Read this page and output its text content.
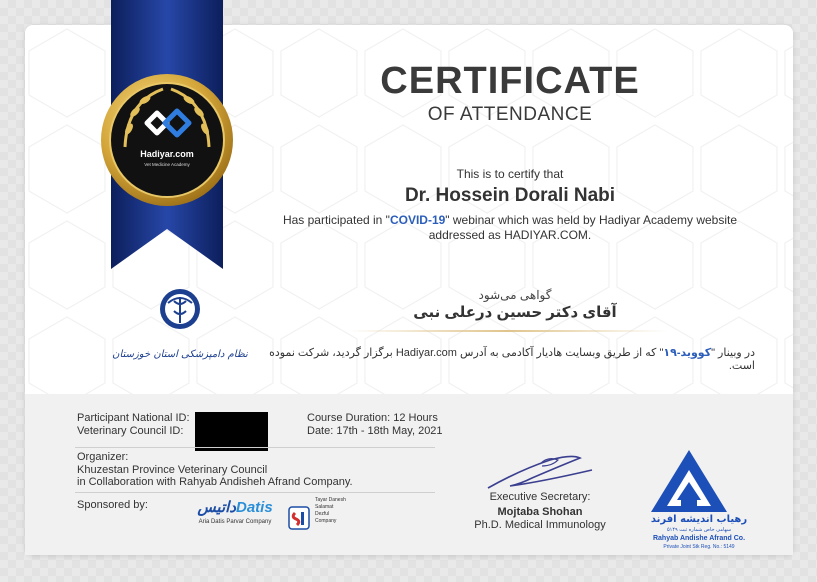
Hadiyar.com
Vet Medicine Academy
CERTIFICATE
OF ATTENDANCE
This is to certify that
Dr. Hossein Dorali Nabi
Has participated in "COVID-19" webinar which was held by Hadiyar Academy website
addressed as HADIYAR.COM.
گواهی می‌شود
آقای دکتر حسین درعلی نبی
در وبینار "کووید-۱۹" که از طریق وبسایت هادیار آکادمی به آدرس Hadiyar.com برگزار گردید، شرکت نموده است.
نظام دامپزشکی استان خوزستان
Participant National ID:
Veterinary Council ID:
Course Duration: 12 Hours
Date: 17th - 18th May, 2021
Organizer:
Khuzestan Province Veterinary Council
in Collaboration with Rahyab Andisheh Afrand Company.
Sponsored by:	داتیسDatis
Aria Datis Parvar Company
Tayar Danesh
Salamat
Dezful
Company
Executive Secretary:
Mojtaba Shohan
Ph.D. Medical Immunology	رهیاب اندیشه افرند
سهامی خاص شماره ثبت ۵۱۴۹
Rahyab Andishe Afrand Co.
Private Joint Stk Reg. No.: 5149
